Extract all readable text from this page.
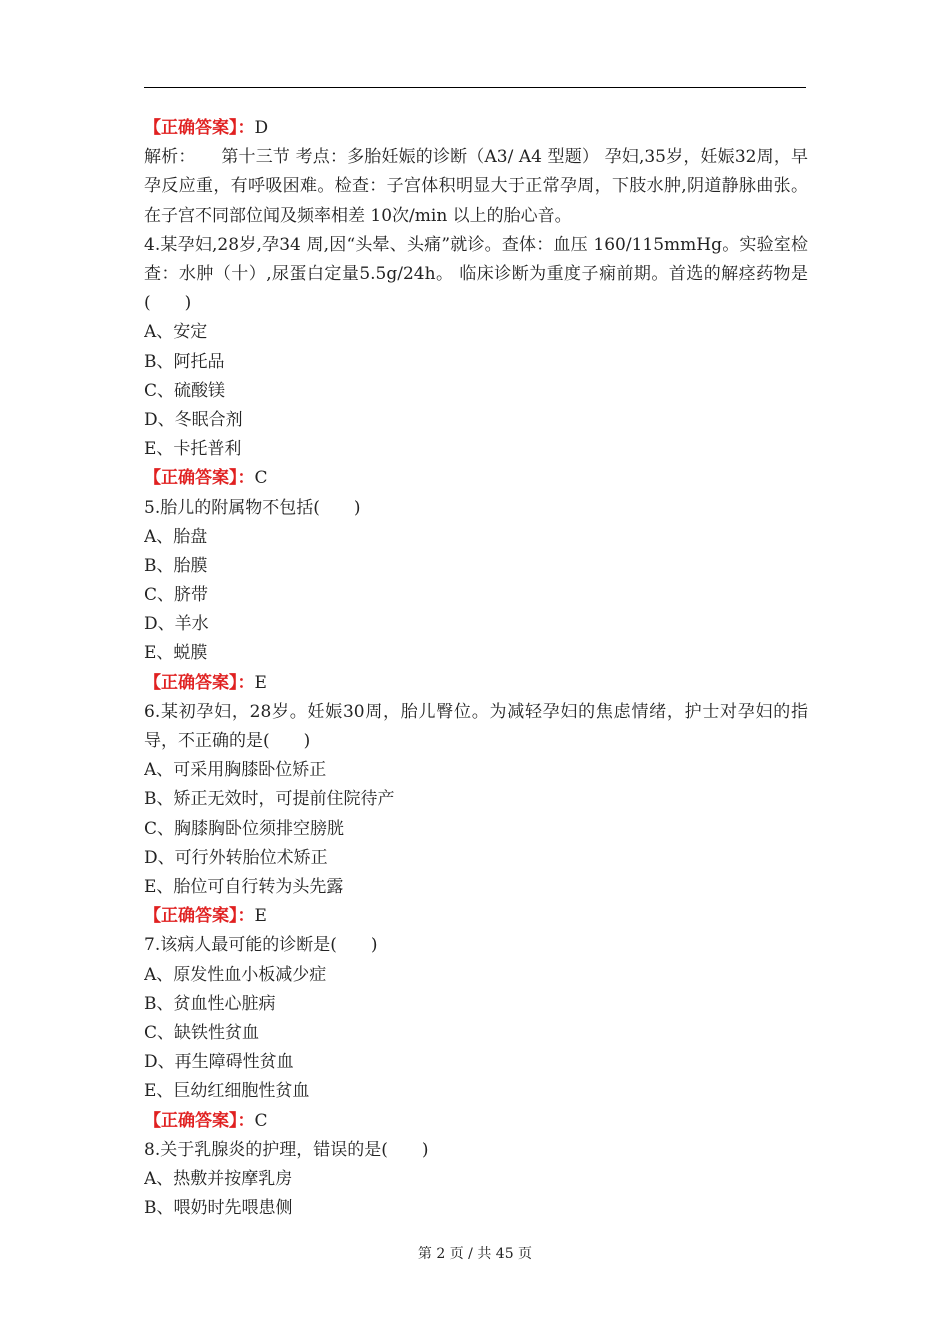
【正确答案】：D
解析：　　第十三节 考点：多胎妊娠的诊断（A3/ A4 型题） 孕妇,35岁，妊娠32周，早孕反应重，有呼吸困难。检查：子宫体积明显大于正常孕周，下肢水肿,阴道静脉曲张。在子宫不同部位闻及频率相差 10次/min 以上的胎心音。
4.某孕妇,28岁,孕34 周,因“头晕、头痛”就诊。查体：血压 160/115mmHg。实验室检查：水肿（十）,尿蛋白定量5.5g/24h。 临床诊断为重度子痫前期。首选的解痉药物是(　　)
A、安定
B、阿托品
C、硫酸镁
D、冬眠合剂
E、卡托普利
【正确答案】：C
5.胎儿的附属物不包括(　　)
A、胎盘
B、胎膜
C、脐带
D、羊水
E、蜕膜
【正确答案】：E
6.某初孕妇，28岁。妊娠30周，胎儿臀位。为减轻孕妇的焦虑情绪，护士对孕妇的指导，不正确的是(　　)
A、可采用胸膝卧位矫正
B、矫正无效时，可提前住院待产
C、胸膝胸卧位须排空膀胱
D、可行外转胎位术矫正
E、胎位可自行转为头先露
【正确答案】：E
7.该病人最可能的诊断是(　　)
A、原发性血小板减少症
B、贫血性心脏病
C、缺铁性贫血
D、再生障碍性贫血
E、巨幼红细胞性贫血
【正确答案】：C
8.关于乳腺炎的护理，错误的是(　　)
A、热敷并按摩乳房
B、喂奶时先喂患侧
第 2 页 / 共 45 页
